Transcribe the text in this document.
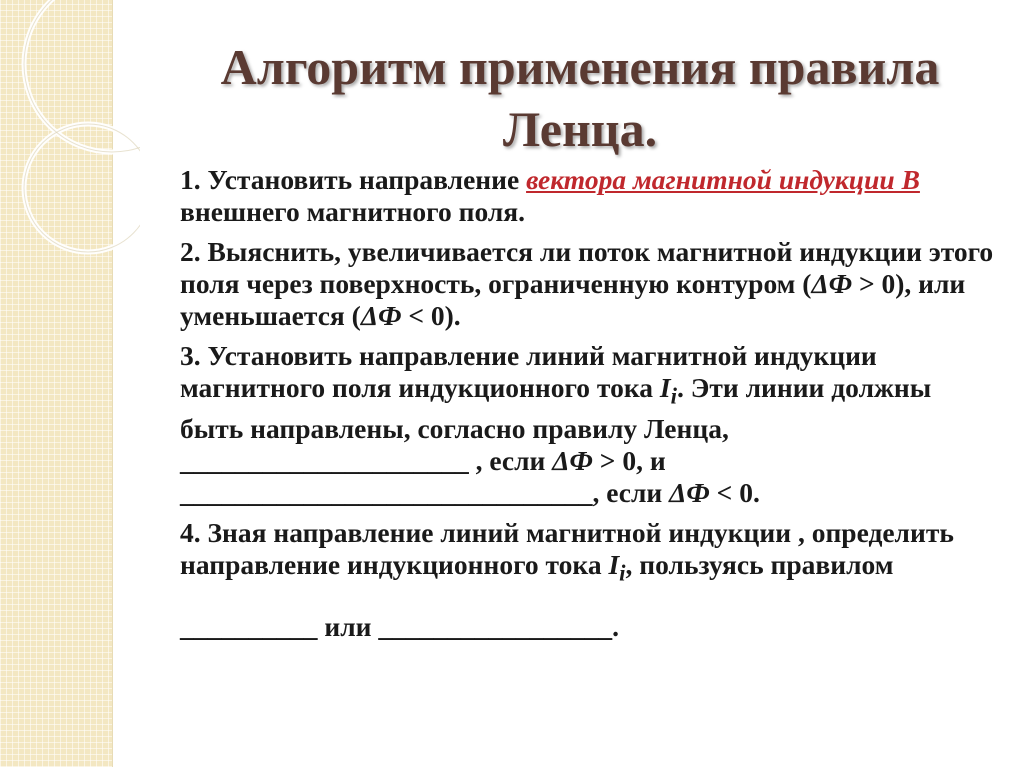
Алгоритм применения правила
Ленца.
1. Установить направление вектора магнитной индукции B внешнего магнитного поля.
2. Выяснить, увеличивается ли поток магнитной индукции этого поля через поверхность, ограниченную контуром (ΔФ > 0), или уменьшается (ΔФ < 0).
3. Установить направление линий магнитной индукции магнитного поля индукционного тока $I_i$. Эти линии должны быть направлены, согласно правилу Ленца, _____________________ , если ΔФ > 0, и ______________________________, если ΔФ < 0.
4. Зная направление линий магнитной индукции , определить направление индукционного тока $I_i$, пользуясь правилом
__________ или _________________.
